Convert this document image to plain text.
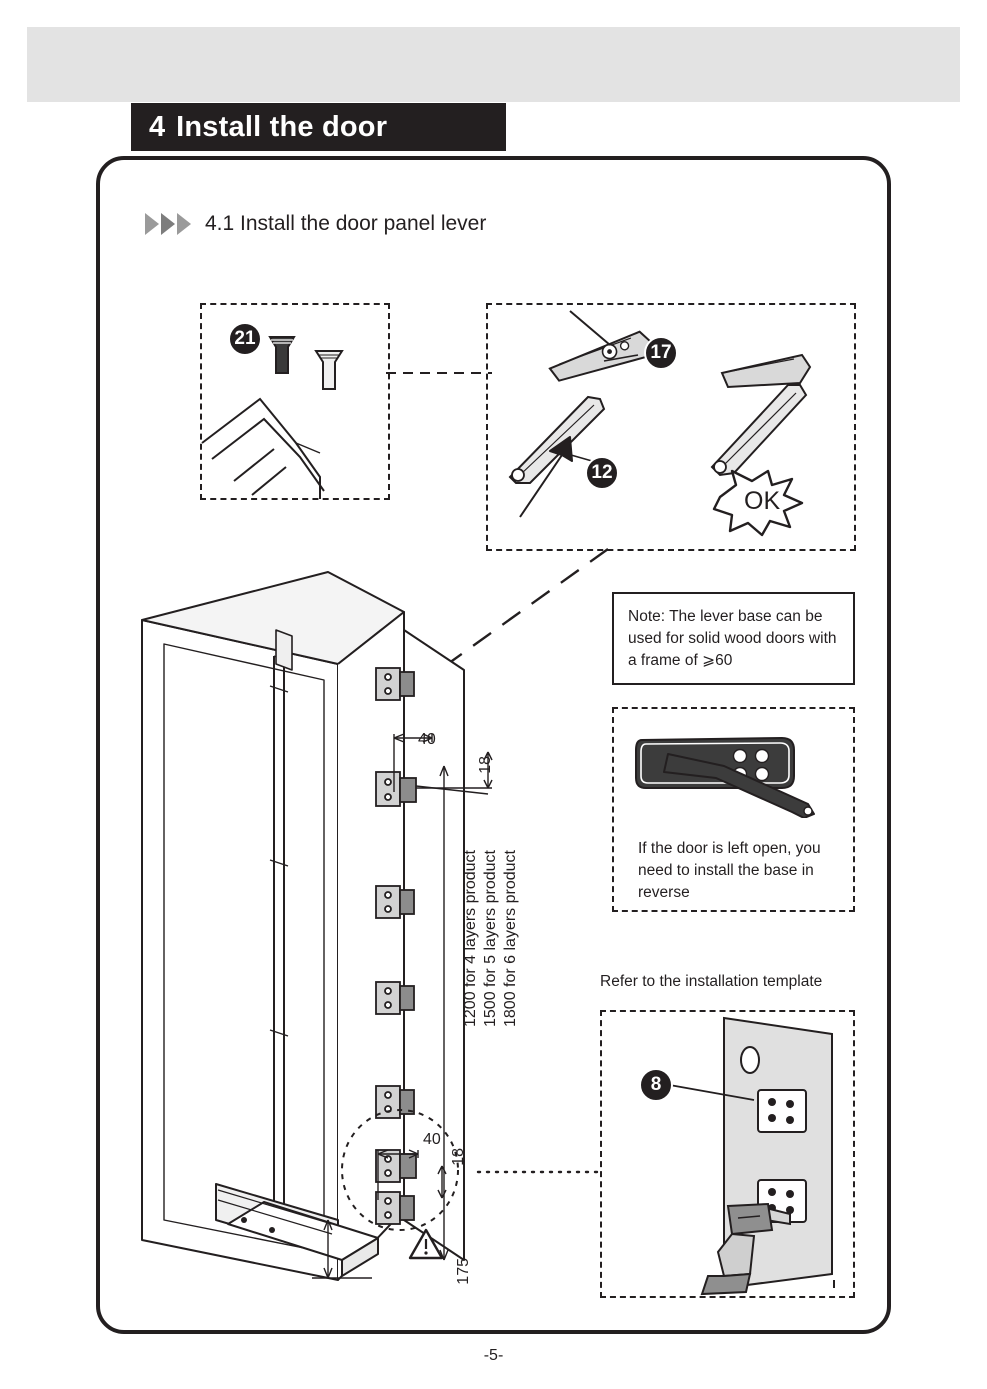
4 Install the door
4.1 Install the door panel lever
21
17
12
OK
Note: The lever base can be used for solid wood doors with a frame of ⩾60
If the door is left open, you need to install the base in reverse
Refer to the installation template
8
40
18
40
18
175
1200 for 4 layers product 1500 for 5 layers product 1800 for 6 layers product
-5-
